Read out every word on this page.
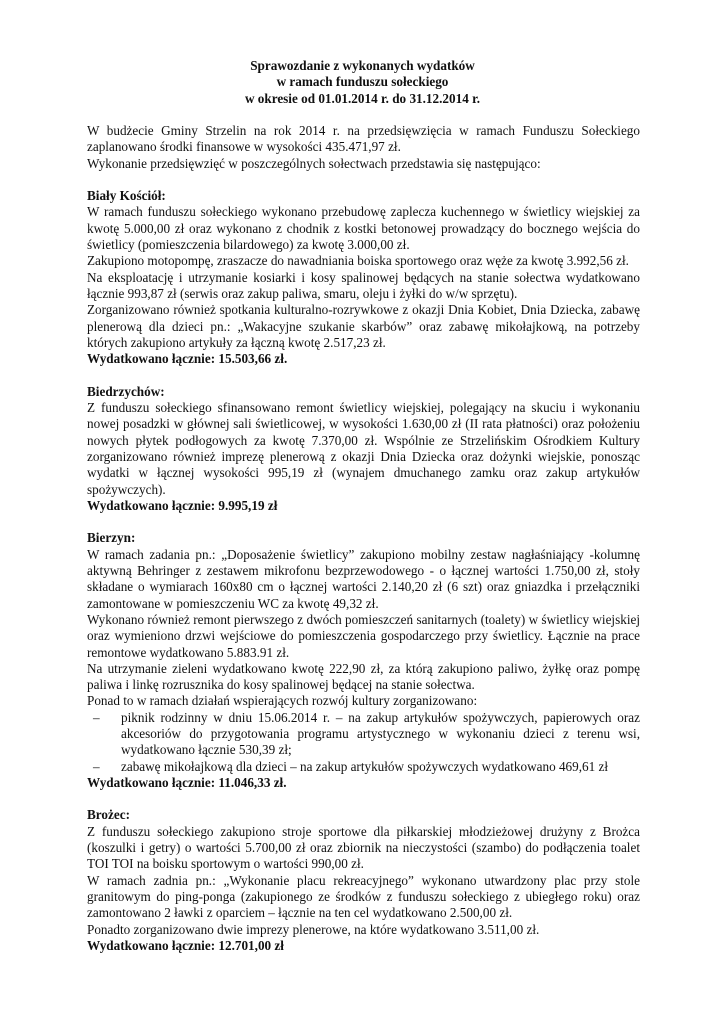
Sprawozdanie z wykonanych wydatków
w ramach funduszu sołeckiego
w okresie od 01.01.2014 r. do 31.12.2014 r.

W budżecie Gminy Strzelin na rok 2014 r. na przedsięwzięcia w ramach Funduszu Sołeckiego zaplanowano środki finansowe w wysokości 435.471,97 zł.

Wykonanie przedsięwzięć w poszczególnych sołectwach przedstawia się następująco:

Biały Kościół:

W ramach funduszu sołeckiego wykonano przebudowę zaplecza kuchennego w świetlicy wiejskiej za kwotę 5.000,00 zł oraz wykonano z chodnik z kostki betonowej prowadzący do bocznego wejścia do świetlicy (pomieszczenia bilardowego) za kwotę 3.000,00 zł.

Zakupiono motopompę, zraszacze do nawadniania boiska sportowego oraz węże za kwotę 3.992,56 zł.

Na eksploatację i utrzymanie kosiarki i kosy spalinowej będących na stanie sołectwa wydatkowano łącznie 993,87 zł (serwis oraz zakup paliwa, smaru, oleju i żyłki do w/w sprzętu).

Zorganizowano również spotkania kulturalno-rozrywkowe z okazji Dnia Kobiet, Dnia Dziecka, zabawę plenerową dla dzieci pn.: „Wakacyjne szukanie skarbów” oraz zabawę mikołajkową, na potrzeby których zakupiono artykuły za łączną kwotę 2.517,23 zł.

Wydatkowano łącznie: 15.503,66 zł.

Biedrzychów:

Z funduszu sołeckiego sfinansowano remont świetlicy wiejskiej, polegający na skuciu i wykonaniu nowej posadzki w głównej sali świetlicowej, w wysokości 1.630,00 zł (II rata płatności) oraz położeniu nowych płytek podłogowych za kwotę 7.370,00 zł. Wspólnie ze Strzelińskim Ośrodkiem Kultury zorganizowano również imprezę plenerową z okazji Dnia Dziecka oraz dożynki wiejskie, ponosząc wydatki w łącznej wysokości 995,19 zł (wynajem dmuchanego zamku oraz zakup artykułów spożywczych).

Wydatkowano łącznie: 9.995,19 zł

Bierzyn:

W ramach zadania pn.: „Doposażenie świetlicy” zakupiono mobilny zestaw nagłaśniający -kolumnę aktywną Behringer z zestawem mikrofonu bezprzewodowego - o łącznej wartości 1.750,00 zł, stoły składane o wymiarach 160x80 cm o łącznej wartości 2.140,20 zł (6 szt) oraz gniazdka i przełączniki zamontowane w pomieszczeniu WC za kwotę 49,32 zł.

Wykonano również remont pierwszego z dwóch pomieszczeń sanitarnych (toalety) w świetlicy wiejskiej oraz wymieniono drzwi wejściowe do pomieszczenia gospodarczego przy świetlicy. Łącznie na prace remontowe wydatkowano 5.883.91 zł.

Na utrzymanie zieleni wydatkowano kwotę 222,90 zł, za którą zakupiono paliwo, żyłkę oraz pompę paliwa i linkę rozrusznika do kosy spalinowej będącej na stanie sołectwa.

Ponad to w ramach działań wspierających rozwój kultury zorganizowano:

– piknik rodzinny w dniu 15.06.2014 r. – na zakup artykułów spożywczych, papierowych oraz akcesoriów do przygotowania programu artystycznego w wykonaniu dzieci z terenu wsi, wydatkowano łącznie 530,39 zł;
– zabawę mikołajkową dla dzieci – na zakup artykułów spożywczych wydatkowano 469,61 zł

Wydatkowano łącznie: 11.046,33 zł.

Brożec:

Z funduszu sołeckiego zakupiono stroje sportowe dla piłkarskiej młodzieżowej drużyny z Brożca (koszulki i getry) o wartości 5.700,00 zł oraz zbiornik na nieczystości (szambo) do podłączenia toalet TOI TOI na boisku sportowym o wartości 990,00 zł.

W ramach zadnia pn.: „Wykonanie placu rekreacyjnego” wykonano utwardzony plac przy stole granitowym do ping-ponga (zakupionego ze środków z funduszu sołeckiego z ubiegłego roku) oraz zamontowano 2 ławki z oparciem – łącznie na ten cel wydatkowano 2.500,00 zł.

Ponadto zorganizowano dwie imprezy plenerowe, na które wydatkowano 3.511,00 zł.

Wydatkowano łącznie: 12.701,00 zł
